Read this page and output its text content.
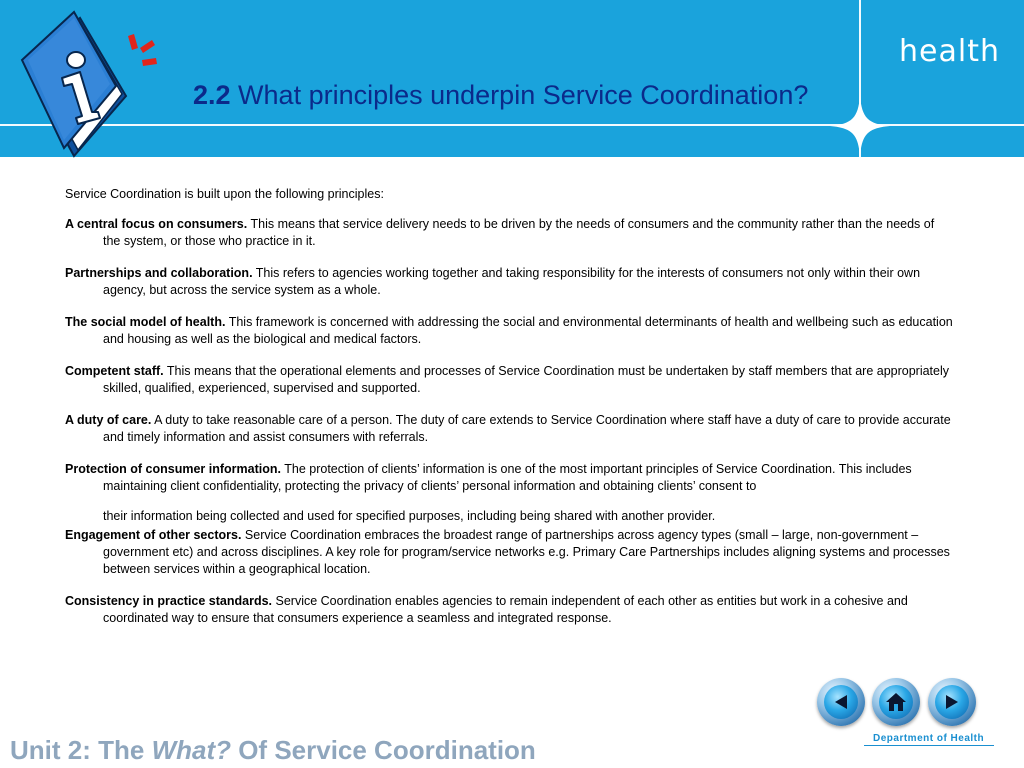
health
2.2 What principles underpin Service Coordination?

Service Coordination is built upon the following principles:

A central focus on consumers. This means that service delivery needs to be driven by the needs of consumers and the community rather than the needs of the system, or those who practice in it.

Partnerships and collaboration. This refers to agencies working together and taking responsibility for the interests of consumers not only within their own agency, but across the service system as a whole.

The social model of health. This framework is concerned with addressing the social and environmental determinants of health and wellbeing such as education and housing as well as the biological and medical factors.

Competent staff. This means that the operational elements and processes of Service Coordination must be undertaken by staff members that are appropriately skilled, qualified, experienced, supervised and supported.

A duty of care. A duty to take reasonable care of a person. The duty of care extends to Service Coordination where staff have a duty of care to provide accurate and timely information and assist consumers with referrals.

Protection of consumer information. The protection of clients’ information is one of the most important principles of Service Coordination. This includes maintaining client confidentiality, protecting the privacy of clients’ personal information and obtaining clients’ consent to
their information being collected and used for specified purposes, including being shared with another provider.

Engagement of other sectors. Service Coordination embraces the broadest range of partnerships across agency types (small – large, non-government – government etc) and across disciplines. A key role for program/service networks e.g. Primary Care Partnerships includes aligning systems and processes between services within a geographical location.

Consistency in practice standards. Service Coordination enables agencies to remain independent of each other as entities but work in a cohesive and coordinated way to ensure that consumers experience a seamless and integrated response.

Unit 2: The What? Of Service Coordination	Department of Health
